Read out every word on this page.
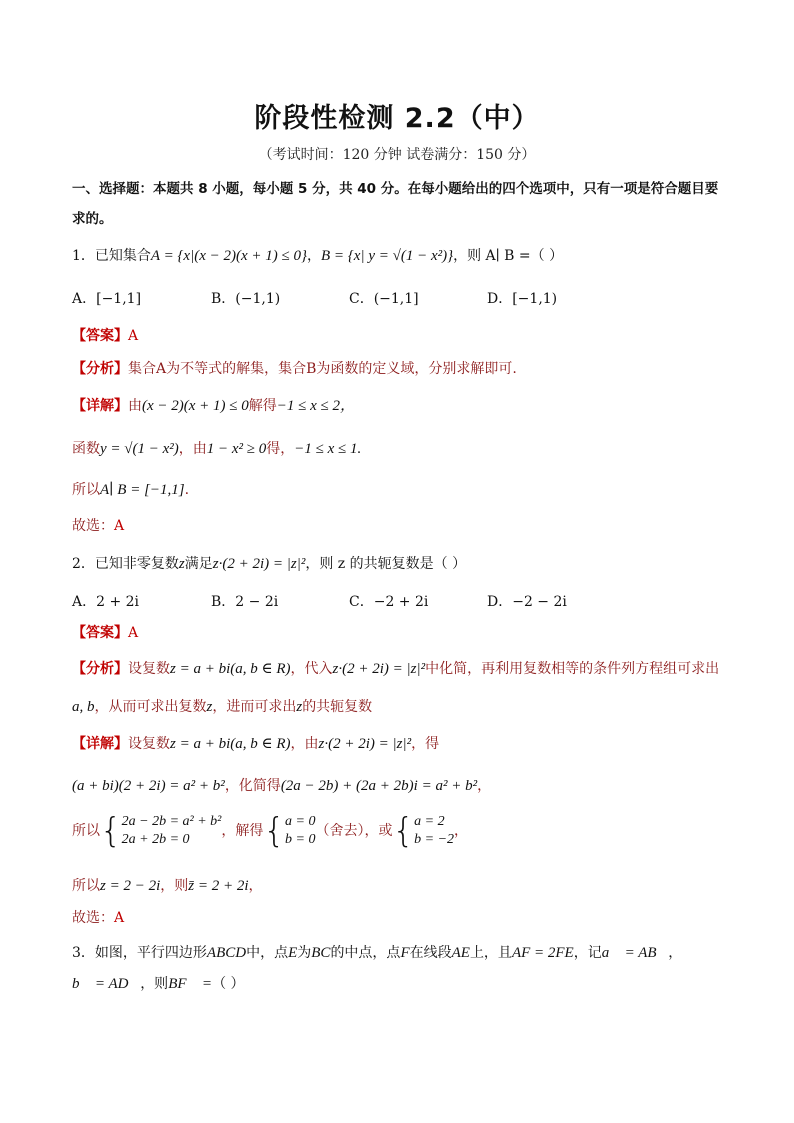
阶段性检测 2.2（中）
（考试时间：120 分钟 试卷满分：150 分）
一、选择题：本题共 8 小题，每小题 5 分，共 40 分。在每小题给出的四个选项中，只有一项是符合题目要
求的。
1．已知集合A = {x|(x − 2)(x + 1) ≤ 0}，B = {x| y = √(1 − x²)}，则 A∣ B =（ ）
A．[−1,1]	B．(−1,1)	C．(−1,1]	D．[−1,1)
【答案】A
【分析】集合A为不等式的解集，集合B为函数的定义域，分别求解即可.
【详解】由(x − 2)(x + 1) ≤ 0解得−1 ≤ x ≤ 2，
函数y = √(1 − x²)，由1 − x² ≥ 0得，−1 ≤ x ≤ 1.
所以A∣ B = [−1,1].
故选：A
2．已知非零复数z满足z·(2 + 2i) = |z|²，则 z 的共轭复数是（ ）
A．2 + 2i	B．2 − 2i	C．−2 + 2i	D．−2 − 2i
【答案】A
【分析】设复数z = a + bi(a, b ∈ R)，代入z·(2 + 2i) = |z|²中化简，再利用复数相等的条件列方程组可求出
a, b，从而可求出复数z，进而可求出z的共轭复数
【详解】设复数z = a + bi(a, b ∈ R)，由z·(2 + 2i) = |z|²，得
(a + bi)(2 + 2i) = a² + b²，化简得(2a − 2b) + (2a + 2b)i = a² + b²，
所以{2a − 2b = a² + b²
2a + 2b = 0，解得{a = 0
b = 0（舍去），或{a = 2
b = −2，
所以z = 2 − 2i，则z̄ = 2 + 2i，
故选：A
3．如图，平行四边形ABCD中，点E为BC的中点，点F在线段AE上，且AF = 2FE，记a⃗ = AB⃗，
b⃗ = AD⃗，则BF⃗ =（ ）
